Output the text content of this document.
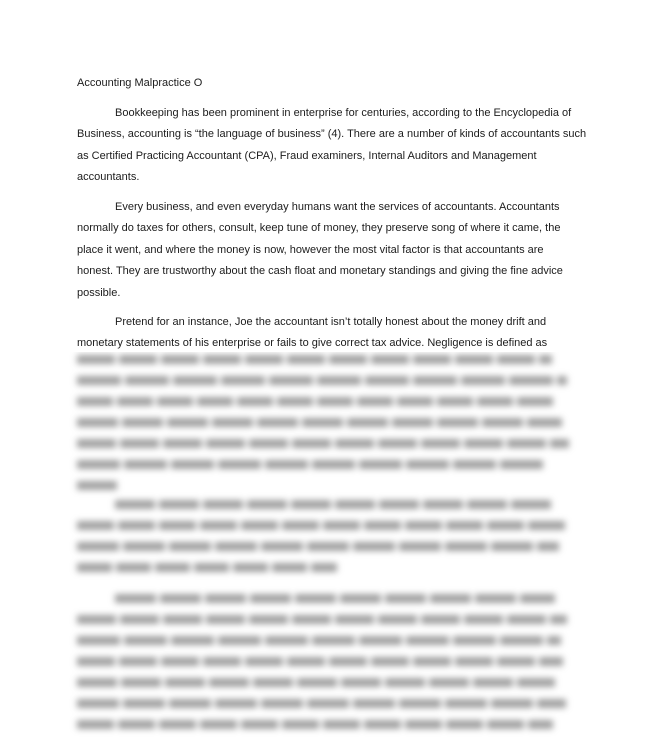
Accounting Malpractice O

Bookkeeping has been prominent in enterprise for centuries, according to the Encyclopedia of
Business, accounting is “the language of business” (4). There are a number of kinds of accountants such
as Certified Practicing Accountant (CPA), Fraud examiners, Internal Auditors and Management
accountants.

Every business, and even everyday humans want the services of accountants. Accountants
normally do taxes for others, consult, keep tune of money, they preserve song of where it came, the
place it went, and where the money is now, however the most vital factor is that accountants are
honest. They are trustworthy about the cash float and monetary standings and giving the fine advice
possible.

Pretend for an instance, Joe the accountant isn’t totally honest about the money drift and
monetary statements of his enterprise or fails to give correct tax advice. Negligence is defined as
